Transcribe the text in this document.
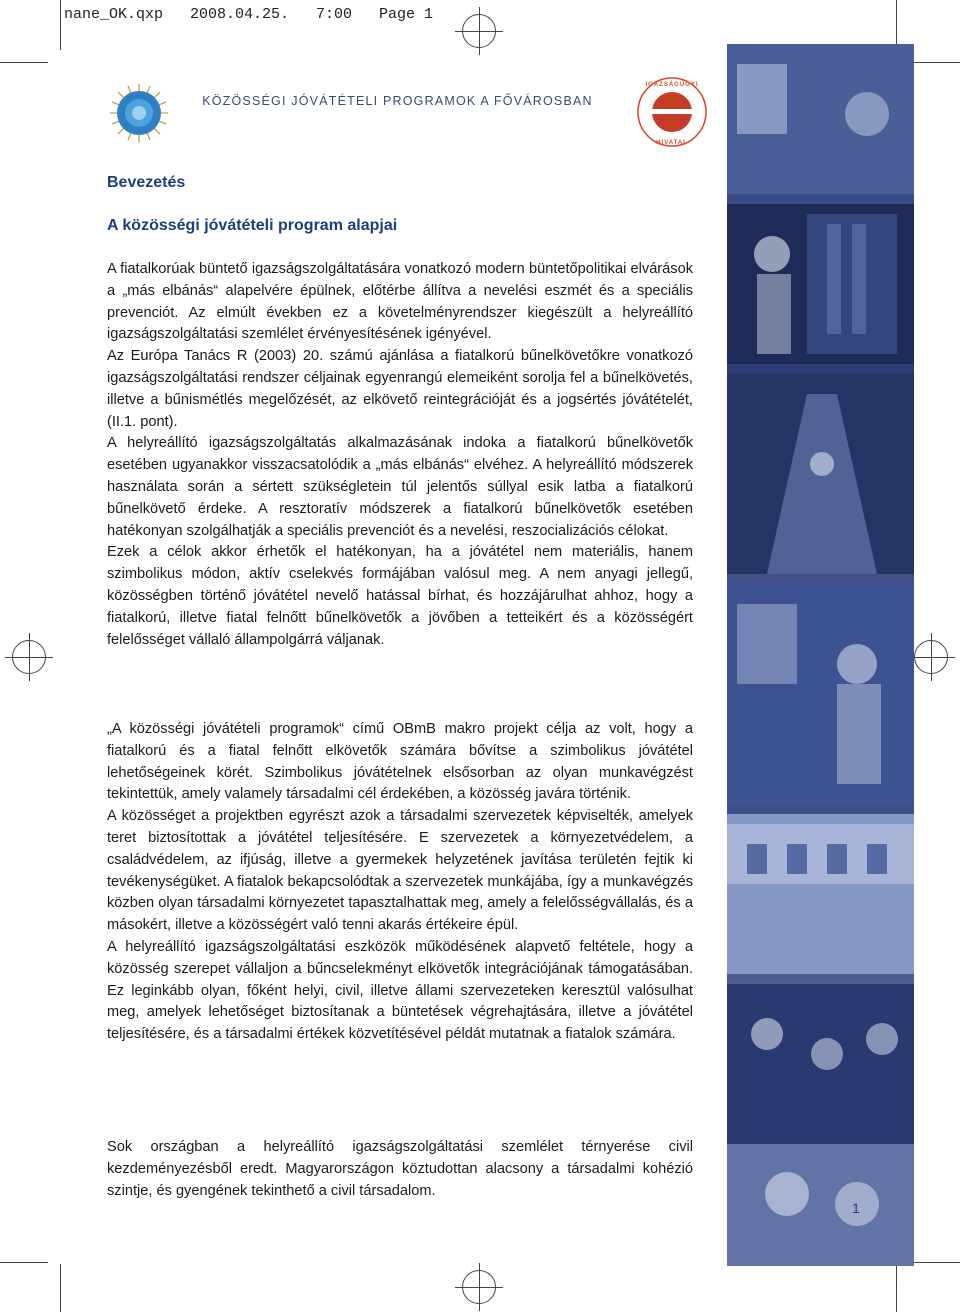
nane_OK.qxp   2008.04.25.   7:00   Page 1
KÖZÖSSÉGI JÓVÁTÉTELI PROGRAMOK A FŐVÁROSBAN
IGAZSÁGÜGYI
HIVATAL
Bevezetés
A közösségi jóvátételi program alapjai

A fiatalkorúak büntető igazságszolgáltatására vonatkozó modern büntetőpolitikai elvárások a „más elbánás“ alapelvére épülnek, előtérbe állítva a nevelési eszmét és a speciális prevenciót. Az elmúlt években ez a követelményrendszer kiegészült a helyreállító igazságszolgáltatási szemlélet érvényesítésének igényével.

Az Európa Tanács R (2003) 20. számú ajánlása a fiatalkorú bűnelkövetőkre vonatkozó igazságszolgáltatási rendszer céljainak egyenrangú elemeiként sorolja fel a bűnelkövetés, illetve a bűnismétlés megelőzését, az elkövető reintegrációját és a jogsértés jóvátételét, (II.1. pont).

A helyreállító igazságszolgáltatás alkalmazásának indoka a fiatalkorú bűnelkövetők esetében ugyanakkor visszacsatolódik a „más elbánás“ elvéhez. A helyreállító módszerek használata során a sértett szükségletein túl jelentős súllyal esik latba a fiatalkorú bűnelkövető érdeke. A resztoratív módszerek a fiatalkorú bűnelkövetők esetében hatékonyan szolgálhatják a speciális prevenciót és a nevelési, reszocializációs célokat.

Ezek a célok akkor érhetők el hatékonyan, ha a jóvátétel nem materiális, hanem szimbolikus módon, aktív cselekvés formájában valósul meg. A nem anyagi jellegű, közösségben történő jóvátétel nevelő hatással bírhat, és hozzájárulhat ahhoz, hogy a fiatalkorú, illetve fiatal felnőtt bűnelkövetők a jövőben a tetteikért és a közösségért felelősséget vállaló állampolgárrá váljanak.

„A közösségi jóvátételi programok“ című OBmB makro projekt célja az volt, hogy a fiatalkorú és a fiatal felnőtt elkövetők számára bővítse a szimbolikus jóvátétel lehetőségeinek körét. Szimbolikus jóvátételnek elsősorban az olyan munkavégzést tekintettük, amely valamely társadalmi cél érdekében, a közösség javára történik.

A közösséget a projektben egyrészt azok a társadalmi szervezetek képviselték, amelyek teret biztosítottak a jóvátétel teljesítésére. E szervezetek a környezetvédelem, a családvédelem, az ifjúság, illetve a gyermekek helyzetének javítása területén fejtik ki tevékenységüket. A fiatalok bekapcsolódtak a szervezetek munkájába, így a munkavégzés közben olyan társadalmi környezetet tapasztalhattak meg, amely a felelősségvállalás, és a másokért, illetve a közösségért való tenni akarás értékeire épül.

A helyreállító igazságszolgáltatási eszközök működésének alapvető feltétele, hogy a közösség szerepet vállaljon a bűncselekményt elkövetők integrációjának támogatásában. Ez leginkább olyan, főként helyi, civil, illetve állami szervezeteken keresztül valósulhat meg, amelyek lehetőséget biztosítanak a büntetések végrehajtására, illetve a jóvátétel teljesítésére, és a társadalmi értékek közvetítésével példát mutatnak a fiatalok számára.

Sok országban a helyreállító igazságszolgáltatási szemlélet térnyerése civil kezdeményezésből eredt. Magyarországon köztudottan alacsony a társadalmi kohézió szintje, és gyengének tekinthető a civil társadalom.

1
